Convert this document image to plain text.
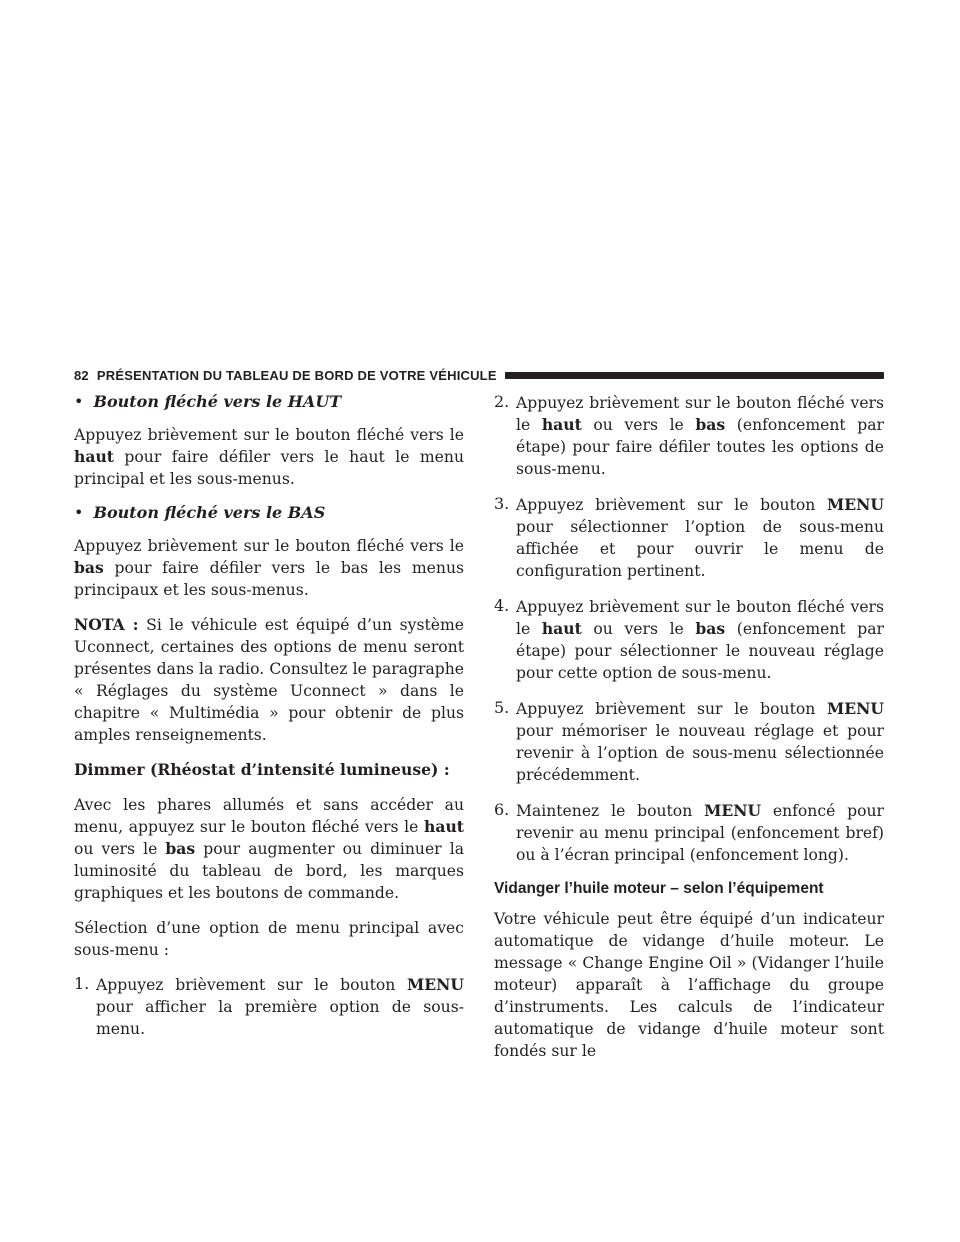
82 PRÉSENTATION DU TABLEAU DE BORD DE VOTRE VÉHICULE
• Bouton fléché vers le HAUT

Appuyez brièvement sur le bouton fléché vers le haut pour faire défiler vers le haut le menu principal et les sous-menus.

• Bouton fléché vers le BAS

Appuyez brièvement sur le bouton fléché vers le bas pour faire défiler vers le bas les menus principaux et les sous-menus.

NOTA : Si le véhicule est équipé d’un système Uconnect, certaines des options de menu seront présentes dans la radio. Consultez le paragraphe « Réglages du système Uconnect » dans le chapitre « Multimédia » pour obtenir de plus amples renseignements.

Dimmer (Rhéostat d’intensité lumineuse) :

Avec les phares allumés et sans accéder au menu, appuyez sur le bouton fléché vers le haut ou vers le bas pour augmenter ou diminuer la luminosité du tableau de bord, les marques graphiques et les boutons de commande.

Sélection d’une option de menu principal avec sous-menu :

1. Appuyez brièvement sur le bouton MENU pour afficher la première option de sous-menu.

2. Appuyez brièvement sur le bouton fléché vers le haut ou vers le bas (enfoncement par étape) pour faire défiler toutes les options de sous-menu.

3. Appuyez brièvement sur le bouton MENU pour sélectionner l’option de sous-menu affichée et pour ouvrir le menu de configuration pertinent.

4. Appuyez brièvement sur le bouton fléché vers le haut ou vers le bas (enfoncement par étape) pour sélectionner le nouveau réglage pour cette option de sous-menu.

5. Appuyez brièvement sur le bouton MENU pour mémoriser le nouveau réglage et pour revenir à l’option de sous-menu sélectionnée précédemment.

6. Maintenez le bouton MENU enfoncé pour revenir au menu principal (enfoncement bref) ou à l’écran principal (enfoncement long).

Vidanger l’huile moteur – selon l’équipement

Votre véhicule peut être équipé d’un indicateur automatique de vidange d’huile moteur. Le message « Change Engine Oil » (Vidanger l’huile moteur) apparaît à l’affichage du groupe d’instruments. Les calculs de l’indicateur automatique de vidange d’huile moteur sont fondés sur le
